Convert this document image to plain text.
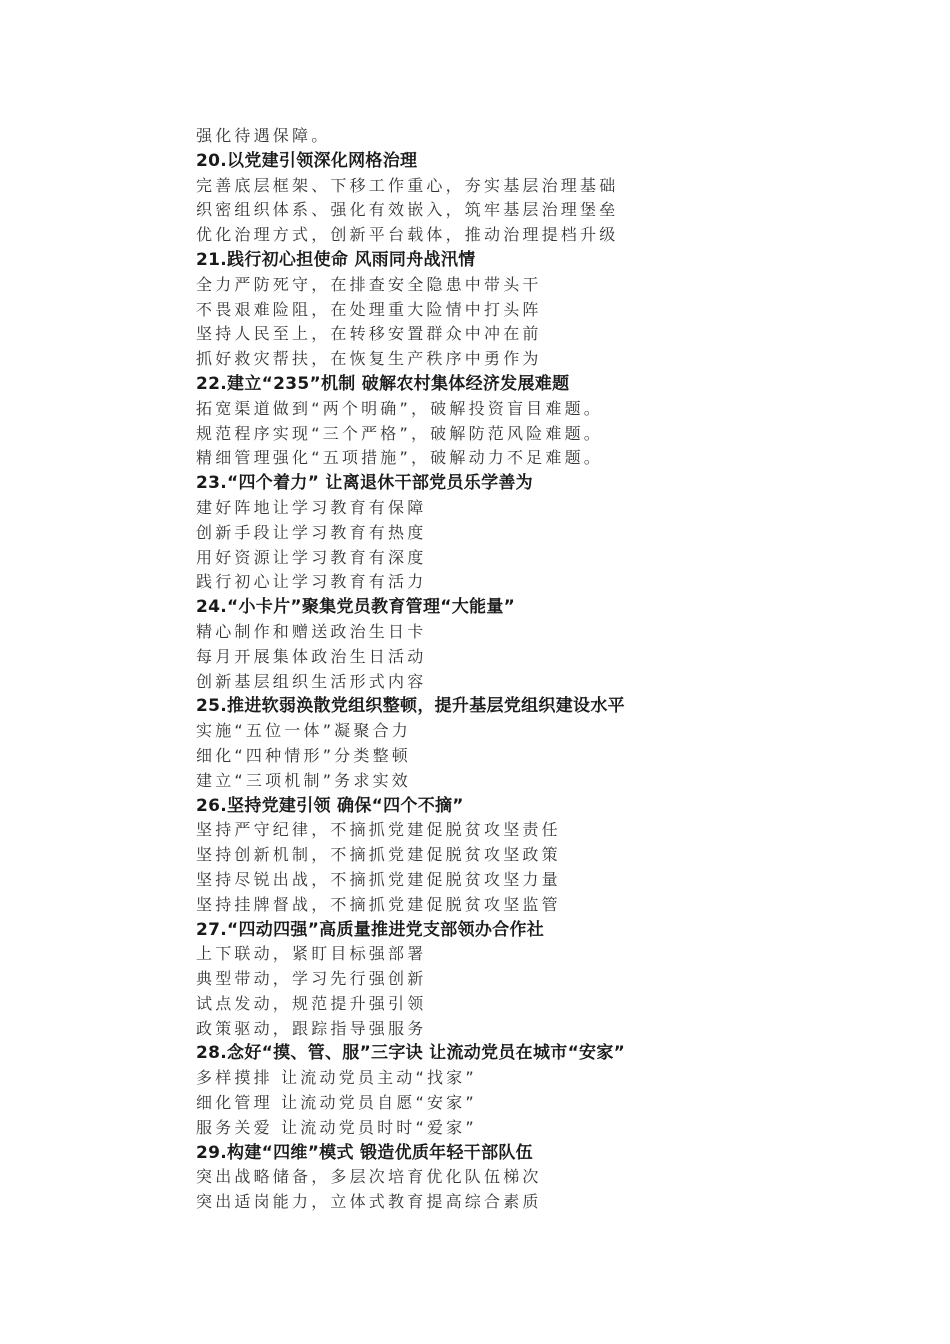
强化待遇保障。
20.以党建引领深化网格治理
完善底层框架、下移工作重心，夯实基层治理基础
织密组织体系、强化有效嵌入，筑牢基层治理堡垒
优化治理方式，创新平台载体，推动治理提档升级
21.践行初心担使命 风雨同舟战汛情
全力严防死守，在排查安全隐患中带头干
不畏艰难险阻，在处理重大险情中打头阵
坚持人民至上，在转移安置群众中冲在前
抓好救灾帮扶，在恢复生产秩序中勇作为
22.建立“235”机制 破解农村集体经济发展难题
拓宽渠道做到“两个明确”，破解投资盲目难题。
规范程序实现“三个严格”，破解防范风险难题。
精细管理强化“五项措施”，破解动力不足难题。
23.“四个着力” 让离退休干部党员乐学善为
建好阵地让学习教育有保障
创新手段让学习教育有热度
用好资源让学习教育有深度
践行初心让学习教育有活力
24.“小卡片”聚集党员教育管理“大能量”
精心制作和赠送政治生日卡
每月开展集体政治生日活动
创新基层组织生活形式内容
25.推进软弱涣散党组织整顿，提升基层党组织建设水平
实施“五位一体”凝聚合力
细化“四种情形”分类整顿
建立“三项机制”务求实效
26.坚持党建引领 确保“四个不摘”
坚持严守纪律，不摘抓党建促脱贫攻坚责任
坚持创新机制，不摘抓党建促脱贫攻坚政策
坚持尽锐出战，不摘抓党建促脱贫攻坚力量
坚持挂牌督战，不摘抓党建促脱贫攻坚监管
27.“四动四强”高质量推进党支部领办合作社
上下联动，紧盯目标强部署
典型带动，学习先行强创新
试点发动，规范提升强引领
政策驱动，跟踪指导强服务
28.念好“摸、管、服”三字诀 让流动党员在城市“安家”
多样摸排 让流动党员主动“找家”
细化管理 让流动党员自愿“安家”
服务关爱 让流动党员时时“爱家”
29.构建“四维”模式 锻造优质年轻干部队伍
突出战略储备，多层次培育优化队伍梯次
突出适岗能力，立体式教育提高综合素质
